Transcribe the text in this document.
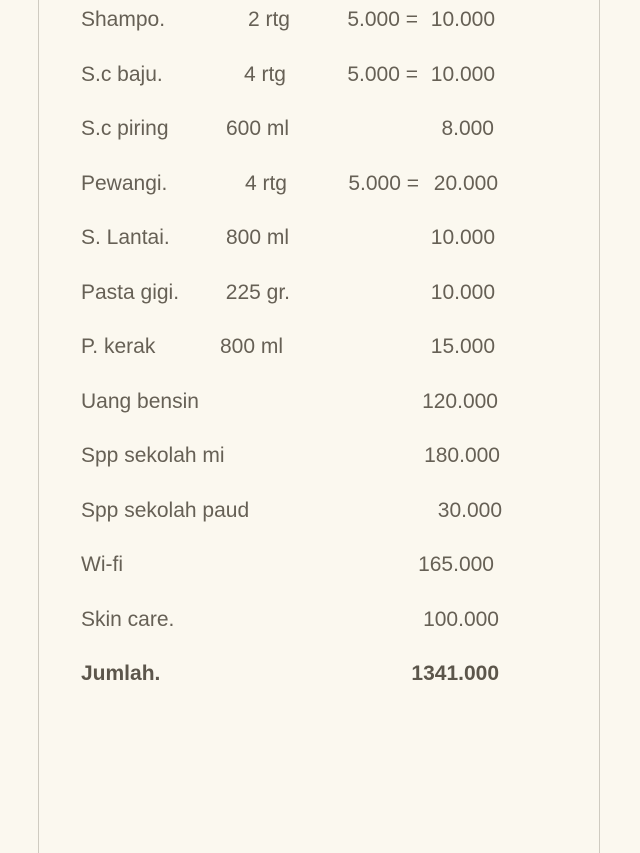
Shampo.	2 rtg	5.000 = 10.000
S.c baju.	4 rtg	5.000 = 10.000
S.c piring	600 ml	8.000
Pewangi.	4 rtg	5.000 = 20.000
S. Lantai.	800 ml	10.000
Pasta gigi.	225 gr.	10.000
P. kerak	800 ml	15.000
Uang bensin	120.000
Spp sekolah mi	180.000
Spp sekolah paud	30.000
Wi-fi	165.000
Skin care.	100.000
Jumlah.	1341.000
